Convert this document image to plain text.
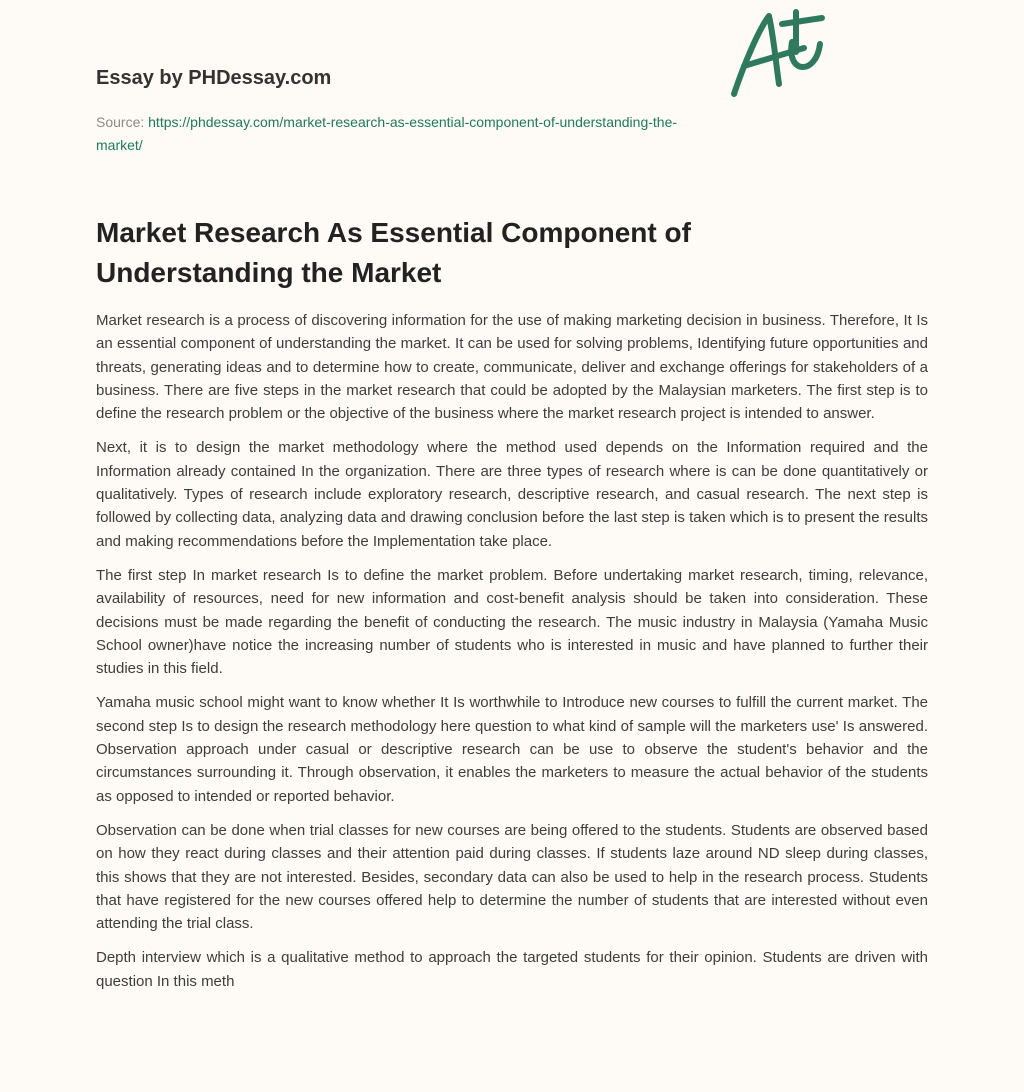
Essay by PHDessay.com
Source: https://phdessay.com/market-research-as-essential-component-of-understanding-the-market/
Market Research As Essential Component of Understanding the Market

Market research is a process of discovering information for the use of making marketing decision in business. Therefore, It Is an essential component of understanding the market. It can be used for solving problems, Identifying future opportunities and threats, generating ideas and to determine how to create, communicate, deliver and exchange offerings for stakeholders of a business. There are five steps in the market research that could be adopted by the Malaysian marketers. The first step is to define the research problem or the objective of the business where the market research project is intended to answer.

Next, it is to design the market methodology where the method used depends on the Information required and the Information already contained In the organization. There are three types of research where is can be done quantitatively or qualitatively. Types of research include exploratory research, descriptive research, and casual research. The next step is followed by collecting data, analyzing data and drawing conclusion before the last step is taken which is to present the results and making recommendations before the Implementation take place.

The first step In market research Is to define the market problem. Before undertaking market research, timing, relevance, availability of resources, need for new information and cost-benefit analysis should be taken into consideration. These decisions must be made regarding the benefit of conducting the research. The music industry in Malaysia (Yamaha Music School owner)have notice the increasing number of students who is interested in music and have planned to further their studies in this field.

Yamaha music school might want to know whether It Is worthwhile to Introduce new courses to fulfill the current market. The second step Is to design the research methodology here question to what kind of sample will the marketers use' Is answered. Observation approach under casual or descriptive research can be use to observe the student's behavior and the circumstances surrounding it. Through observation, it enables the marketers to measure the actual behavior of the students as opposed to intended or reported behavior.

Observation can be done when trial classes for new courses are being offered to the students. Students are observed based on how they react during classes and their attention paid during classes. If students laze around ND sleep during classes, this shows that they are not interested. Besides, secondary data can also be used to help in the research process. Students that have registered for the new courses offered help to determine the number of students that are interested without even attending the trial class.

Depth interview which is a qualitative method to approach the targeted students for their opinion. Students are driven with question In this meth
